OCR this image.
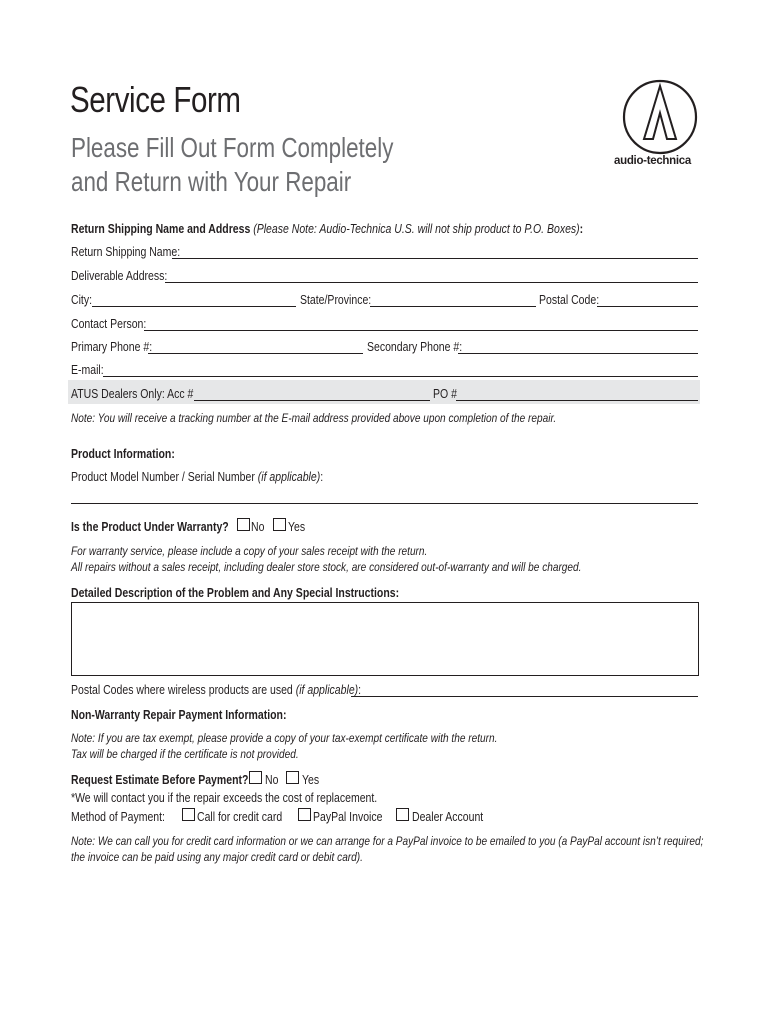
Service Form
Please Fill Out Form Completely
and Return with Your Repair
audio-technica
Return Shipping Name and Address (Please Note: Audio-Technica U.S. will not ship product to P.O. Boxes):
Return Shipping Name:
Deliverable Address:
City:	State/Province:	Postal Code:
Contact Person:
Primary Phone #:	Secondary Phone #:
E-mail:
ATUS Dealers Only: Acc #	PO #
Note: You will receive a tracking number at the E-mail address provided above upon completion of the repair.
Product Information:
Product Model Number / Serial Number (if applicable):
Is the Product Under Warranty? No Yes
For warranty service, please include a copy of your sales receipt with the return.
All repairs without a sales receipt, including dealer store stock, are considered out-of-warranty and will be charged.
Detailed Description of the Problem and Any Special Instructions:
Postal Codes where wireless products are used (if applicable):
Non-Warranty Repair Payment Information:
Note: If you are tax exempt, please provide a copy of your tax-exempt certificate with the return.
Tax will be charged if the certificate is not provided.
Request Estimate Before Payment? No Yes
*We will contact you if the repair exceeds the cost of replacement.
Method of Payment:	Call for credit card PayPal Invoice Dealer Account
Note: We can call you for credit card information or we can arrange for a PayPal invoice to be emailed to you (a PayPal account isn’t required;
the invoice can be paid using any major credit card or debit card).
